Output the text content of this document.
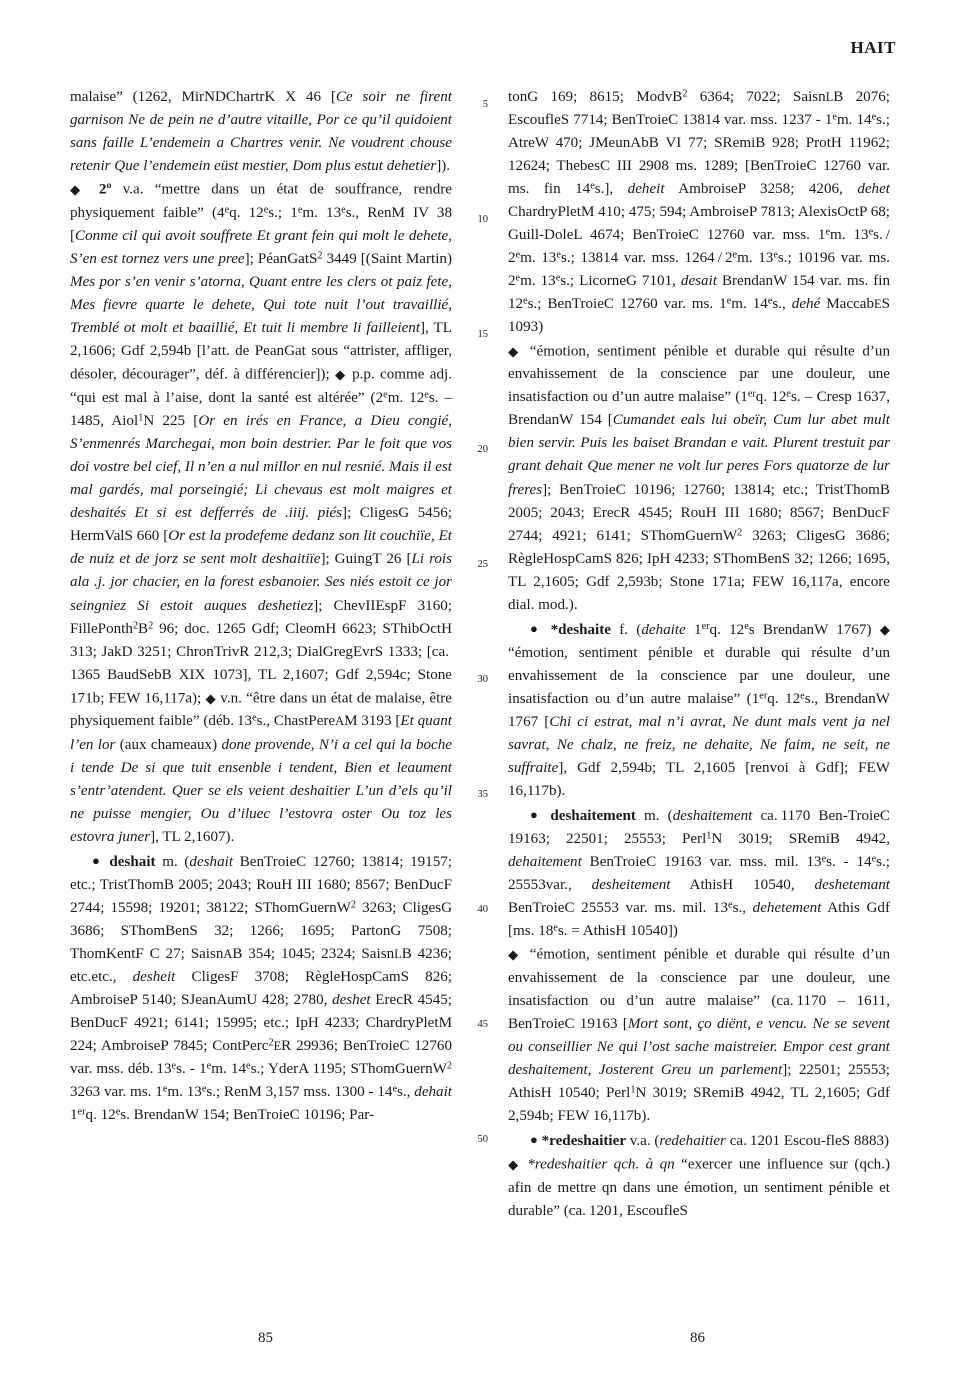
HAIT

malaise” (1262, MirNDChartrK X 46 [Ce soir ne firent garnison Ne de pein ne d’autre vitaille, Por ce qu’il quidoient sans faille L’endemein a Chartres venir. Ne voudrent chouse retenir Que l’endemein eüst mestier, Dom plus estut dehetier]).

◆ 2º v.a. “mettre dans un état de souffrance, rendre physiquement faible” (4eq. 12es.; 1em. 13es., RenM IV 38 [Conme cil qui avoit souffrete Et grant fein qui molt le dehete, S’en est tornez vers une pree]; PéanGatS$^2$ 3449 [(Saint Martin) Mes por s’en venir s’atorna, Quant entre les clers ot paiz fete, Mes fievre quarte le dehete, Qui tote nuit l’out travaillié, Tremblé ot molt et baaillié, Et tuit li membre li failleient], TL 2,1606; Gdf 2,594b [l’att. de PeanGat sous “attrister, affliger, désoler, décourager”, déf. à différencier]); ◆ p.p. comme adj. “qui est mal à l’aise, dont la santé est altérée” (2em. 12es. – 1485, Aiol$^1$N 225 [Or en irés en France, a Dieu congié, S’enmenrés Marchegai, mon boin destrier. Par le foit que vos doi vostre bel cief, Il n’en a nul millor en nul resnié. Mais il est mal gardés, mal porseingié; Li chevaus est molt maigres et deshaités Et si est defferrés de .iiij. piés]; CligesG 5456; HermValS 660 [Or est la prodefeme dedanz son lit couchiïe, Et de nuiz et de jorz se sent molt deshaitiïe]; GuingT 26 [Li rois ala .j. jor chacier, en la forest esbanoier. Ses niés estoit ce jor seingniez Si estoit auques deshetiez]; ChevIIEspF 3160; $FillePonth^2B^2$ 96; doc. 1265 Gdf; CleomH 6623; SThibOctH 313; JakD 3251; ChronTrivR 212,3; DialGregEvrS 1333; [ca. 1365 BaudSebB XIX 1073], TL 2,1607; Gdf 2,594c; Stone 171b; FEW 16,117a); ◆ v.n. “être dans un état de malaise, être physiquement faible” (déb. 13es., ChastPereAM 3193 [Et quant l’en lor (aux chameaux) done provende, N’i a cel qui la boche i tende De si que tuit ensenble i tendent, Bien et leaument s’entr’atendent. Quer se els veient deshaitier L’un d’els qu’il ne puisse mengier, Ou d’iluec l’estovra oster Ou toz les estovra juner], TL 2,1607).

● deshait m. (deshait BenTroieC 12760; 13814; 19157; etc.; TristThomB 2005; 2043; RouH III 1680; 8567; BenDucF 2744; 15598; 19201; 38122; SThomGuernW$^2$ 3263; CligesG 3686; SThomBenS 32; 1266; 1695; PartonG 7508; ThomKentF C 27; SaisnAB 354; 1045; 2324; SaisnLB 4236; etc.etc., desheit CligesF 3708; RègleHospCamS 826; AmbroiseP 5140; SJeanAumU 428; 2780, deshet ErecR 4545; BenDucF 4921; 6141; 15995; etc.; IpH 4233; ChardryPletM 224; AmbroiseP 7845; ContPerc$^2$ER 29936; BenTroieC 12760 var. mss. déb. 13es. - 1em. 14es.; YderA 1195; SThomGuernW$^2$ 3263 var. ms. 1em. 13es.; RenM 3,157 mss. 1300 - 14es., dehait 1erq. 12es. BrendanW 154; BenTroieC 10196; Par-

tonG 169; 8615; ModvB$^2$ 6364; 7022; SaisnLB 2076; EscoufleS 7714; BenTroieC 13814 var. mss. 1237 - 1em. 14es.; AtreW 470; JMeunAbB VI 77; SRemiB 928; ProtH 11962; 12624; ThebesC III 2908 ms. 1289; [BenTroieC 12760 var. ms. fin 14es.], deheit AmbroiseP 3258; 4206, dehet ChardryPletM 410; 475; 594; AmbroiseP 7813; AlexisOctP 68; Guill-DoleL 4674; BenTroieC 12760 var. mss. 1em. 13es. / 2em. 13es.; 13814 var. mss. 1264 / 2em. 13es.; 10196 var. ms. 2em. 13es.; LicorneG 7101, desait BrendanW 154 var. ms. fin 12es.; BenTroieC 12760 var. ms. 1em. 14es., dehé MaccabES 1093)

◆ “émotion, sentiment pénible et durable qui résulte d’un envahissement de la conscience par une douleur, une insatisfaction ou d’un autre malaise” (1erq. 12es. – Cresp 1637, BrendanW 154 [Cumandet eals lui obeïr, Cum lur abet mult bien servir. Puis les baiset Brandan e vait. Plurent trestuit par grant dehait Que mener ne volt lur peres Fors quatorze de lur freres]; BenTroieC 10196; 12760; 13814; etc.; TristThomB 2005; 2043; ErecR 4545; RouH III 1680; 8567; BenDucF 2744; 4921; 6141; SThomGuernW$^2$ 3263; CligesG 3686; RègleHospCamS 826; IpH 4233; SThomBenS 32; 1266; 1695, TL 2,1605; Gdf 2,593b; Stone 171a; FEW 16,117a, encore dial. mod.).

● *deshaite f. (dehaite 1erq. 12es BrendanW 1767) ◆ “émotion, sentiment pénible et durable qui résulte d’un envahissement de la conscience par une douleur, une insatisfaction ou d’un autre malaise” (1erq. 12es., BrendanW 1767 [Chi ci estrat, mal n’i avrat, Ne dunt mals vent ja nel savrat, Ne chalz, ne freiz, ne dehaite, Ne faim, ne seit, ne suffraite], Gdf 2,594b; TL 2,1605 [renvoi à Gdf]; FEW 16,117b).

● deshaitement m. (deshaitement ca. 1170 Ben-TroieC 19163; 22501; 25553; Perl$^1$N 3019; SRemiB 4942, dehaitement BenTroieC 19163 var. mss. mil. 13es. - 14es.; 25553var., desheitement AthisH 10540, deshetemant BenTroieC 25553 var. ms. mil. 13es., dehetement Athis Gdf [ms. $18^es$. = AthisH 10540])

◆ “émotion, sentiment pénible et durable qui résulte d’un envahissement de la conscience par une douleur, une insatisfaction ou d’un autre malaise” (ca. 1170 – 1611, BenTroieC 19163 [Mort sont, ço diënt, e vencu. Ne se sevent ou conseillier Ne qui l’ost sache maistreier. Empor cest grant deshaitement, Josterent Greu un parlement]; 22501; 25553; AthisH 10540; Perl$^1$N 3019; SRemiB 4942, TL 2,1605; Gdf 2,594b; FEW 16,117b).

● *redeshaitier v.a. (redehaitier ca. 1201 Escou-fleS 8883)

◆ *redeshaitier qch. à qn “exercer une influence sur (qch.) afin de mettre qn dans une émotion, un sentiment pénible et durable” (ca. 1201, EscoufleS

5
10
15
20
25
30
35
40
45
50
85	86
